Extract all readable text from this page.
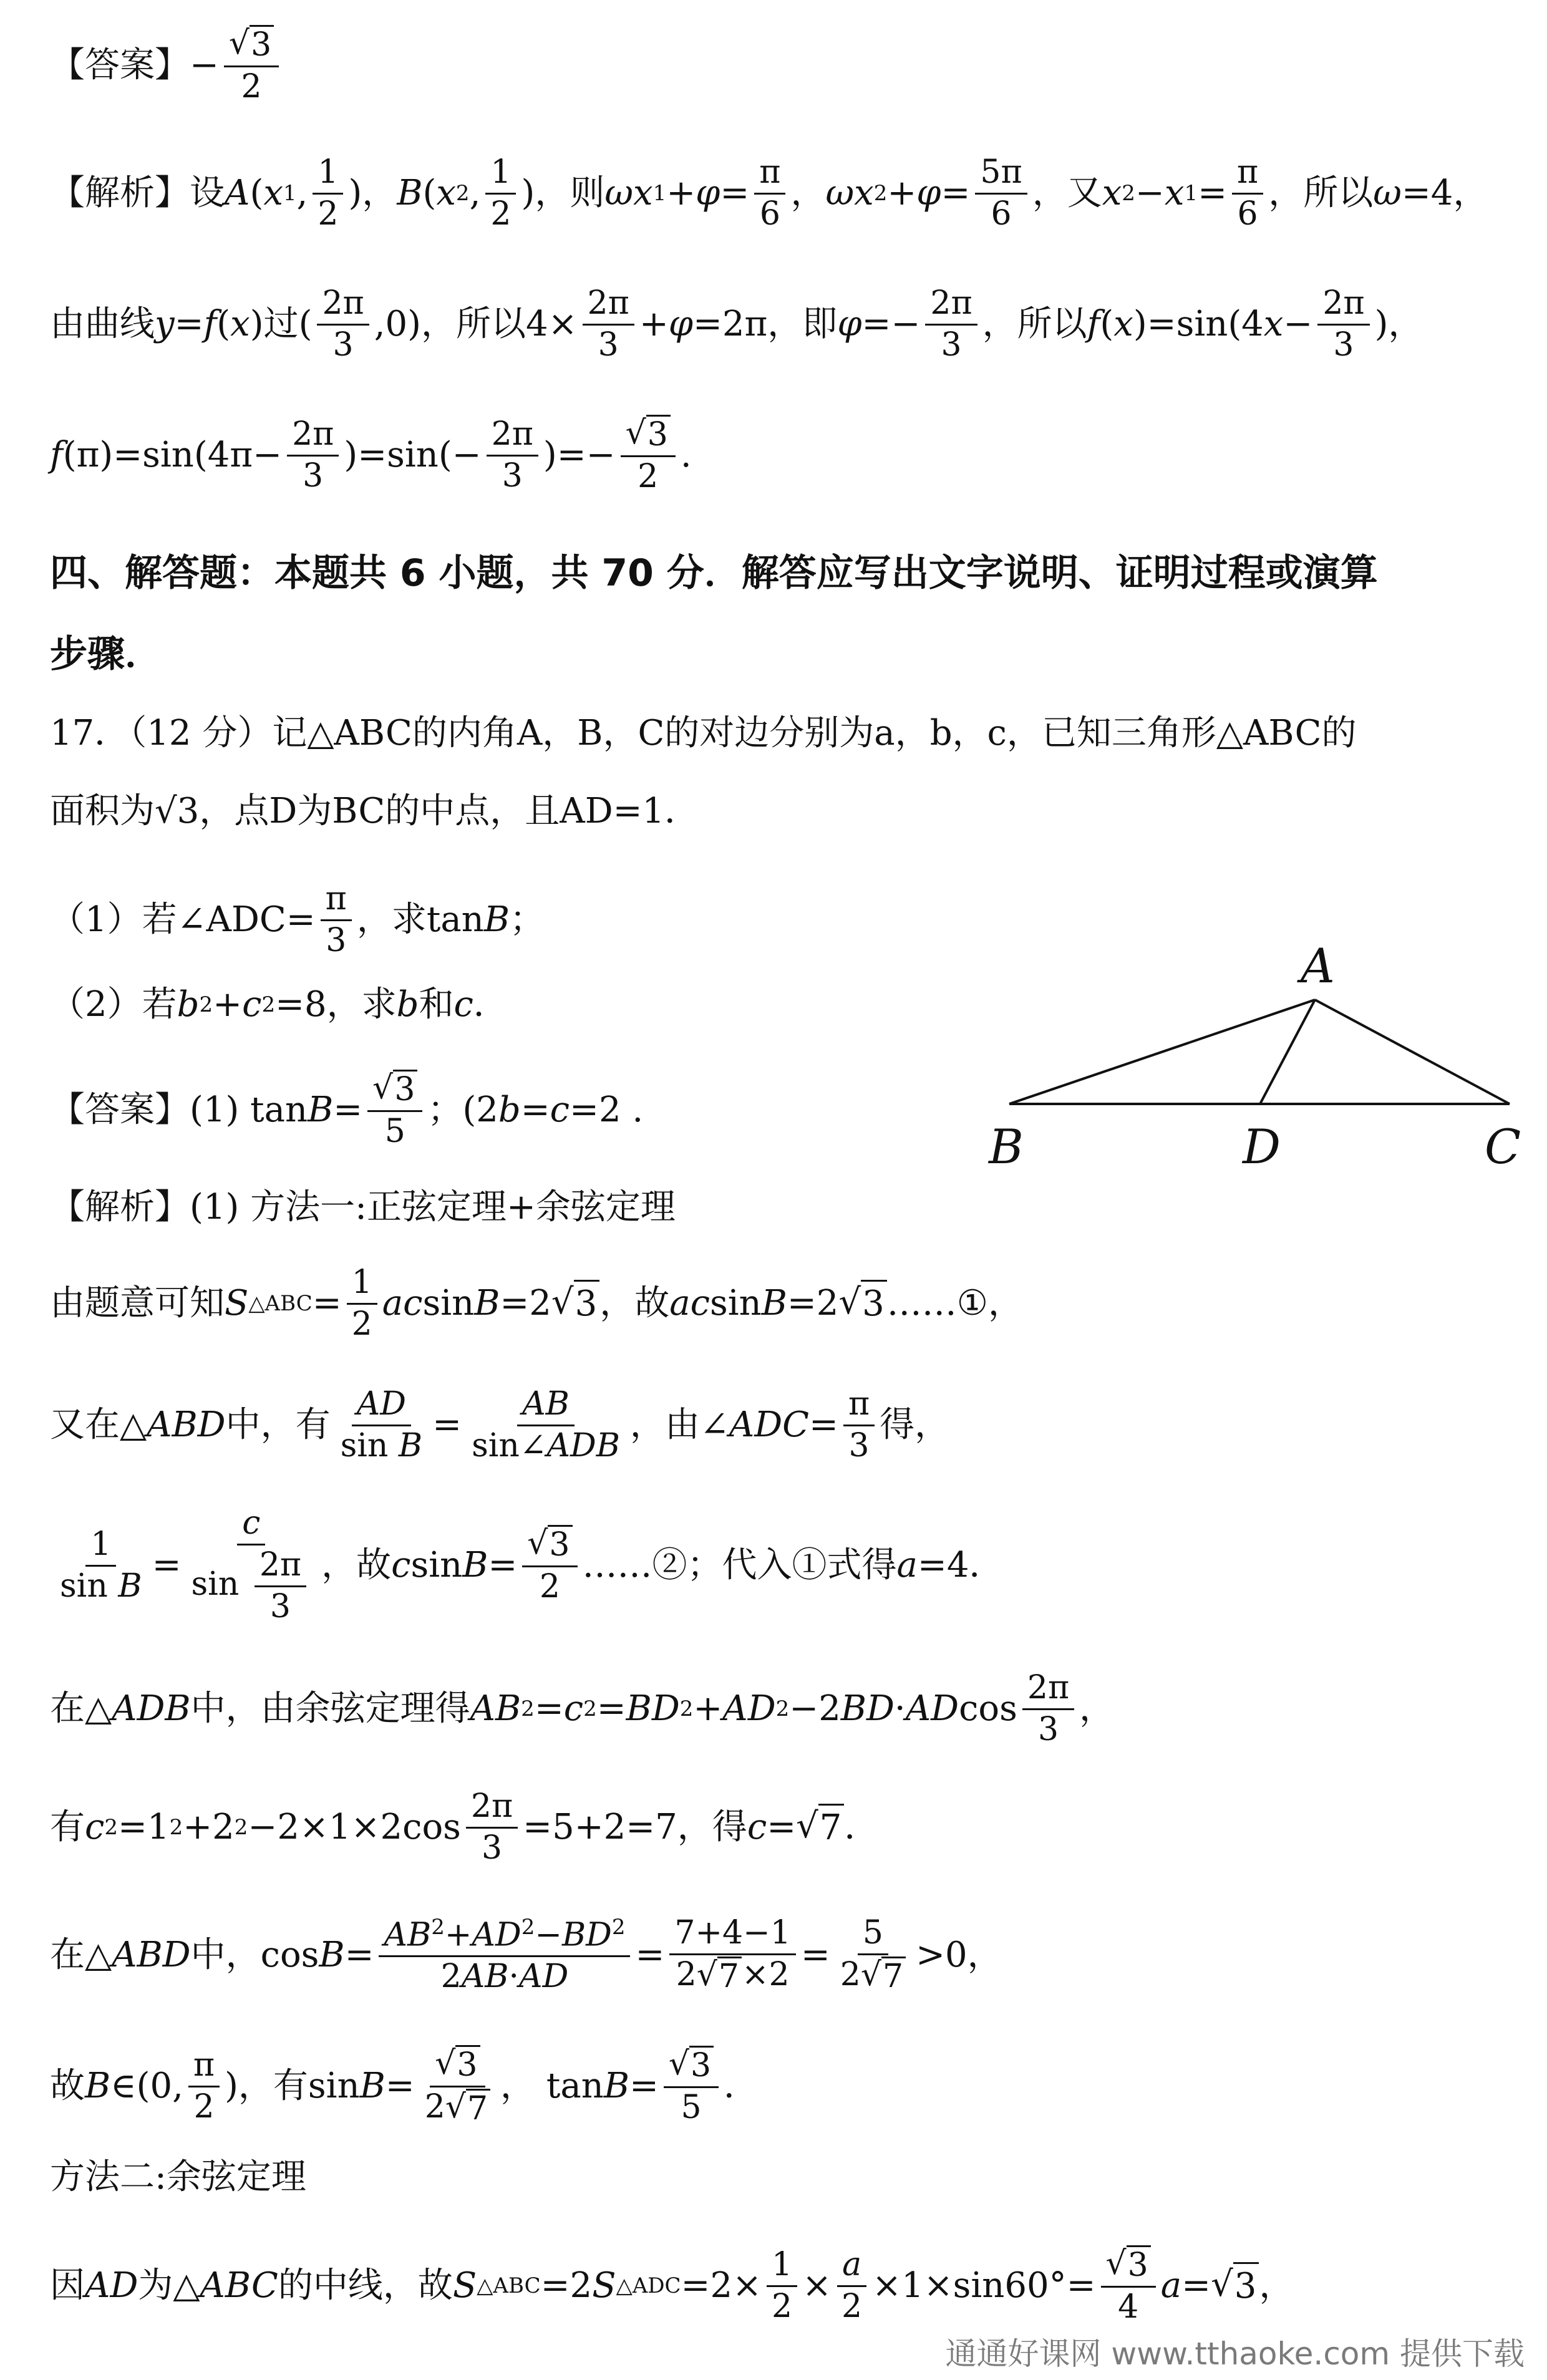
【答案】− $\frac{√ 3}{2}$
【解析】设 A ( x 1 , $\frac{1}{2}$ )， B ( x 2 , $\frac{1}{2}$ )，则 ωx $1 + \varphi = \frac{\pi}{6}$ ， ωx $2 + \varphi = \frac{5\pi}{6}$ ，又 x 2 − x $1 = \frac{\pi}{6}$ ，所以 ω =4，
由曲线 y = f ( x )过( $\frac{2\pi}{3} ,0$)，所以$4\times \frac{2\pi}{3} + \varphi =2\pi$，即 $\varphi =- \frac{2\pi}{3}$ ，所以 f ( x )=sin(4 $x - \frac{2\pi}{3}$ )，
f $(\pi)=\sin(4\pi- \frac{2\pi}{3} )=\sin(- \frac{2\pi}{3}$ )=− $\frac{√ 3}{2}$ .
四、解答题：本题共 6 小题，共 70 分．解答应写出文字说明、证明过程或演算
步骤．
17．（12 分）记△ABC的内角A，B，C的对边分别为a，b，c，已知三角形△ABC的
面积为√3，点D为BC的中点，且AD=1．
（1）若∠ADC= $\frac{\pi}{3}$ ，求tan B ；
（2）若 b 2 + c 2 =8，求 b 和 c ．
【答案】(1) $\tan B = \frac{√ 3}{5}$ ；(2 b = c =2 .
A
B	D	C
【解析】(1) 方法一:正弦定理+余弦定理
由题意可知 S △ABC = $\frac{1}{2}$ ac sin B =2 √ 3 ，故 ac sin B =2 √ 3 ……①，
又在△ ABD 中，有 $\frac{AD}{\text{sin B}} = \frac{AB}{\text{sin∠ADB}}$ ，由∠ ADC = $\frac{\pi}{3}$ 得，
$\frac{1}{\text{sin B}} = \frac{c}{\sin \frac{2\pi}{3}}$ ，故 c $\sin B = \frac{√ 3}{2}$ ……②；代入①式得 a =4．
在△ ADB 中，由余弦定理得 AB 2 = c 2 = BD 2 + AD 2 −2 BD · AD $\cos \frac{2\pi}{3}$ ，
有 c 2 =1 2 +2 $2 -2\times 1\times 2\cos \frac{2\pi}{3} =5+2=7$，得 c = √ 7 ．
在△ ABD 中，$\cos B = \frac{AB^2+AD^2-BD^2}{2AB\cdot AD} = \frac{7+4-1}{2√ 7 \times 2} = \frac{5}{2√ 7} >0$，
故 B ∈(0, $\frac{\pi}{2}$ )，有$\sin B = \frac{√ 3}{2√ 7}$ ， $\tan B = \frac{√ 3}{5}$ ．
方法二:余弦定理
因 AD 为△ ABC 的中线，故 S △ABC =2 S △ADC $=2\times \frac{1}{2} \times \frac{a}{2} \times 1\times\sin 60^\circ= \frac{√ 3}{4}$ a = √ 3 ，
通通好课网 www.tthaoke.com 提供下载
